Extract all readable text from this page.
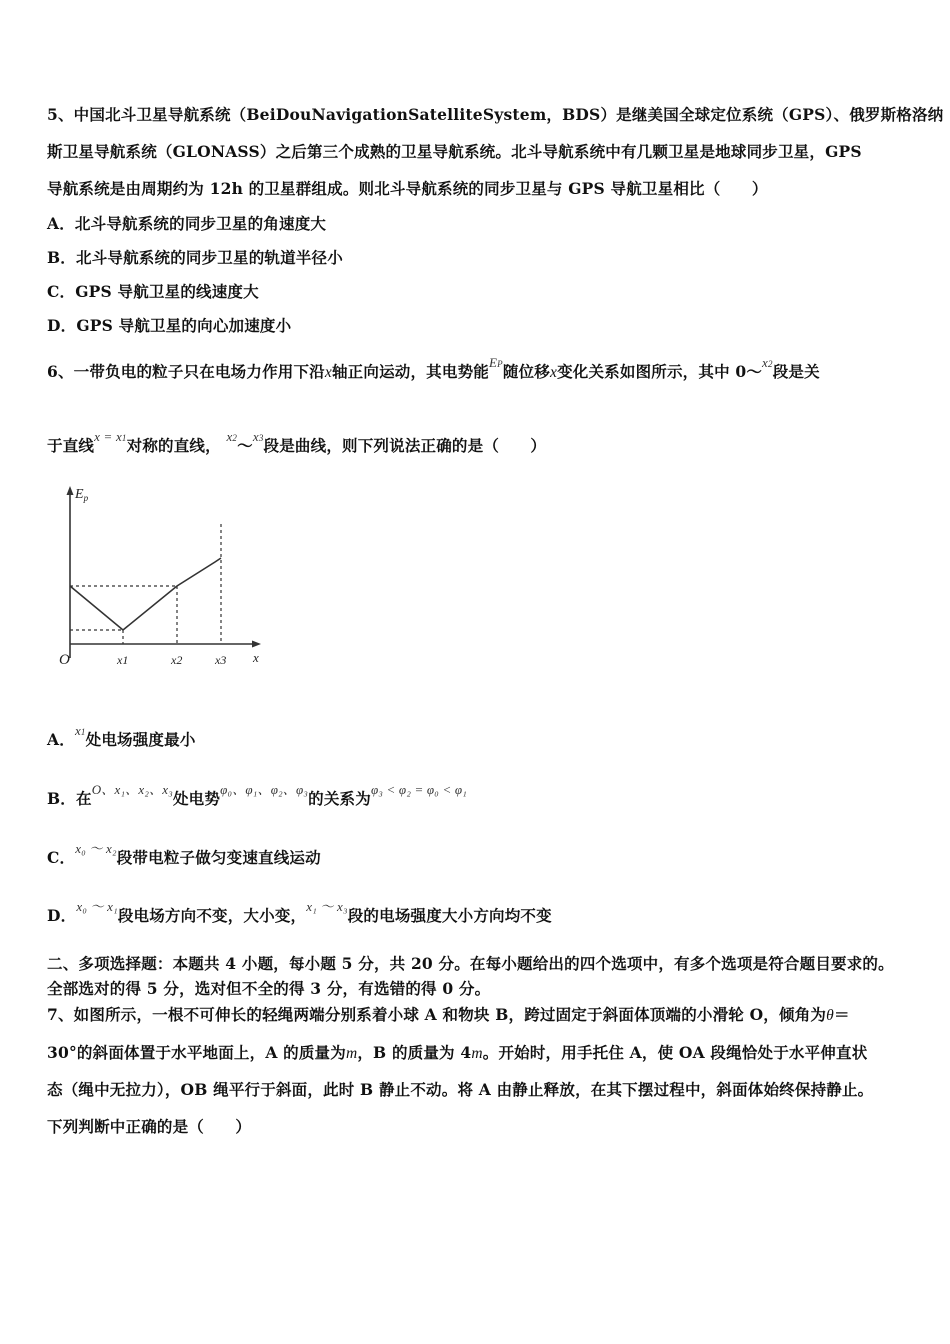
5、中国北斗卫星导航系统（BeiDouNavigationSatelliteSystem，BDS）是继美国全球定位系统（GPS）、俄罗斯格洛纳
斯卫星导航系统（GLONASS）之后第三个成熟的卫星导航系统。北斗导航系统中有几颗卫星是地球同步卫星，GPS
导航系统是由周期约为 12h 的卫星群组成。则北斗导航系统的同步卫星与 GPS 导航卫星相比（　　）
A．北斗导航系统的同步卫星的角速度大
B．北斗导航系统的同步卫星的轨道半径小
C．GPS 导航卫星的线速度大
D．GPS 导航卫星的向心加速度小
6、一带负电的粒子只在电场力作用下沿x轴正向运动，其电势能$^{EP}$随位移x变化关系如图所示，其中 0～$^{x2}$段是关
于直线$^{x = x1}$对称的直线， $^{x2}$～$^{x3}$段是曲线，则下列说法正确的是（　　）
$E_p$
O	x1	x2	x3 x
A．$^{x1}$处电场强度最小
B．在$^{O、x_1、x_2、x_3}$处电势$^{\varphi_0、\varphi_1、\varphi_2、\varphi_3}$的关系为$^{\varphi_3 < \varphi_2 = \varphi_0 < \varphi_1}$
C．$^{x_0 \sim x_2}$段带电粒子做匀变速直线运动
D．$^{x_0 \sim x_1}$段电场方向不变，大小变，$^{x_1 \sim x_3}$段的电场强度大小方向均不变
二、多项选择题：本题共 4 小题，每小题 5 分，共 20 分。在每小题给出的四个选项中，有多个选项是符合题目要求的。
全部选对的得 5 分，选对但不全的得 3 分，有选错的得 0 分。
7、如图所示，一根不可伸长的轻绳两端分别系着小球 A 和物块 B，跨过固定于斜面体顶端的小滑轮 O，倾角为θ＝
30°的斜面体置于水平地面上，A 的质量为m，B 的质量为 4m。开始时，用手托住 A，使 OA 段绳恰处于水平伸直状
态（绳中无拉力），OB 绳平行于斜面，此时 B 静止不动。将 A 由静止释放，在其下摆过程中，斜面体始终保持静止。
下列判断中正确的是（　　）
